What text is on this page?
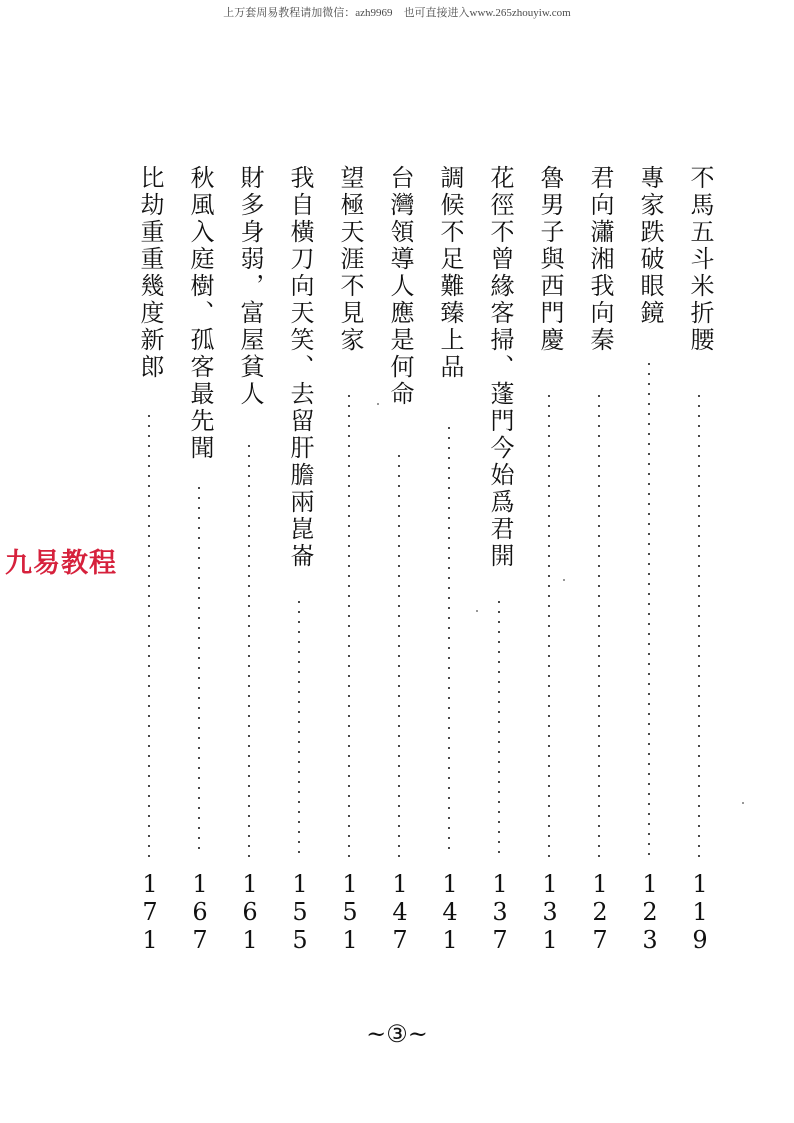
上万套周易教程请加微信：azh9969　也可直接进入www.265zhouyiw.com
九易教程
不馬五斗米折腰
1
1
9
專家跌破眼鏡
1
2
3
君向瀟湘我向秦
1
2
7
魯男子與西門慶
1
3
1
花徑不曾緣客掃、蓬門今始爲君開
1
3
7
調候不足難臻上品
1
4
1
台灣領導人應是何命
1
4
7
望極天涯不見家
1
5
1
我自橫刀向天笑、去留肝膽兩崑崙
1
5
5
財多身弱，富屋貧人
1
6
1
秋風入庭樹、孤客最先聞
1
6
7
比劫重重幾度新郎
1
7
1
~③~
